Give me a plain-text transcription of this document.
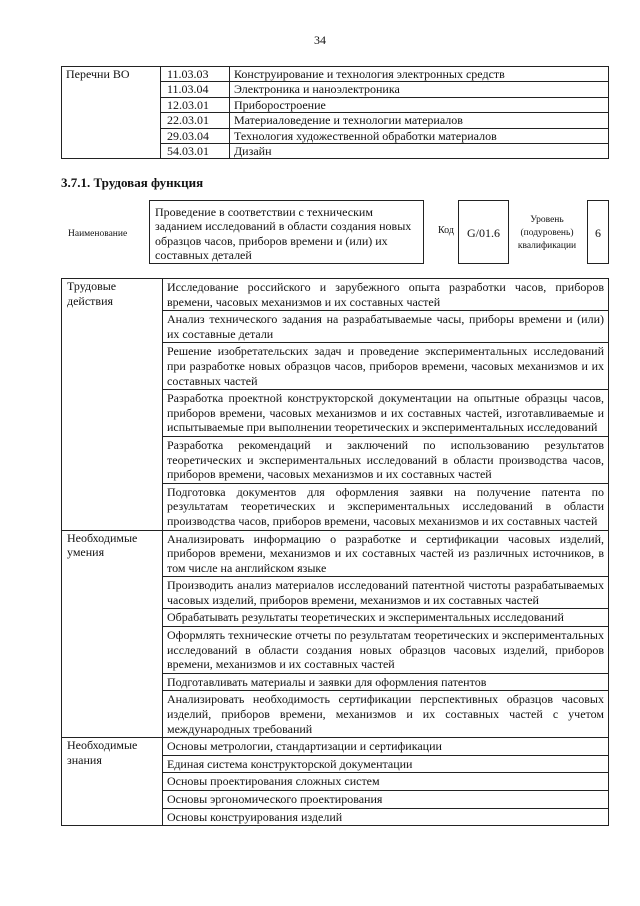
34
Перечни ВО	11.03.03	Конструирование и технология электронных средств
	11.03.04	Электроника и наноэлектроника
	12.03.01	Приборостроение
	22.03.01	Материаловедение и технологии материалов
	29.03.04	Технология художественной обработки материалов
	54.03.01	Дизайн
3.7.1. Трудовая функция
Наименование
Проведение в соответствии с техническим заданием исследований в области создания новых образцов часов, приборов времени и (или) их составных деталей
Код	G/01.6
Уровень (подуровень) квалификации
6
Трудовые действия	Исследование российского и зарубежного опыта разработки часов, приборов времени, часовых механизмов и их составных частей
	Анализ технического задания на разрабатываемые часы, приборы времени и (или) их составные детали
	Решение изобретательских задач и проведение экспериментальных исследований при разработке новых образцов часов, приборов времени, часовых механизмов и их составных частей
	Разработка проектной конструкторской документации на опытные образцы часов, приборов времени, часовых механизмов и их составных частей, изготавливаемые и испытываемые при выполнении теоретических и экспериментальных исследований
	Разработка рекомендаций и заключений по использованию результатов теоретических и экспериментальных исследований в области производства часов, приборов времени, часовых механизмов и их составных частей
	Подготовка документов для оформления заявки на получение патента по результатам теоретических и экспериментальных исследований в области производства часов, приборов времени, часовых механизмов и их составных частей
Необходимые умения	Анализировать информацию о разработке и сертификации часовых изделий, приборов времени, механизмов и их составных частей из различных источников, в том числе на английском языке
	Производить анализ материалов исследований патентной чистоты разрабатываемых часовых изделий, приборов времени, механизмов и их составных частей
	Обрабатывать результаты теоретических и экспериментальных исследований
	Оформлять технические отчеты по результатам теоретических и экспериментальных исследований в области создания новых образцов часовых изделий, приборов времени, механизмов и их составных частей
	Подготавливать материалы и заявки для оформления патентов
	Анализировать необходимость сертификации перспективных образцов часовых изделий, приборов времени, механизмов и их составных частей с учетом международных требований
Необходимые знания	Основы метрологии, стандартизации и сертификации
	Единая система конструкторской документации
	Основы проектирования сложных систем
	Основы эргономического проектирования
	Основы конструирования изделий
